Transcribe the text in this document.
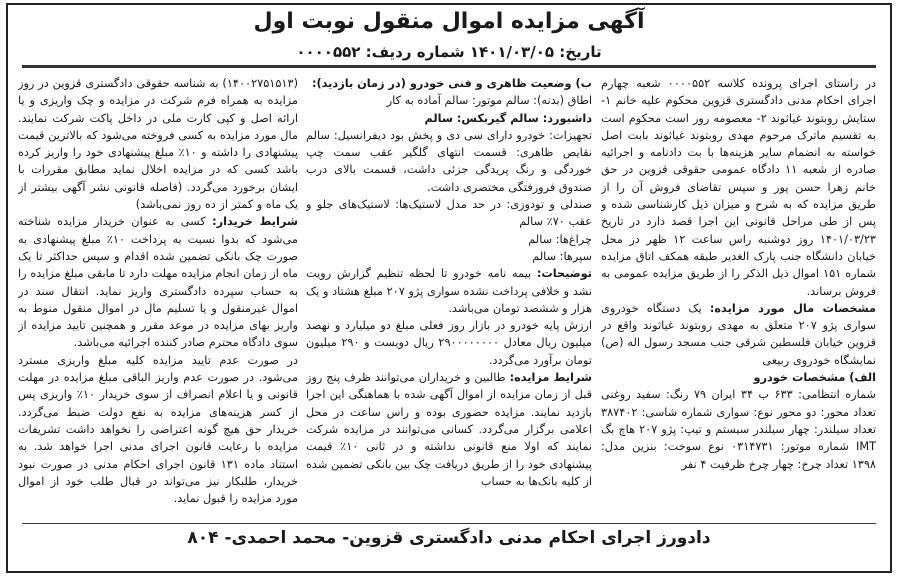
آگهی مزایده اموال منقول نوبت اول
تاریخ: ۱۴۰۱/۰۳/۰۵ شماره ردیف: ۰۰۰۰۵۵۲

در راستای اجرای پرونده کلاسه ۰۰۰۰۵۵۲ شعبه چهارم اجرای احکام مدنی دادگستری قزوین محکوم علیه خانم ۱- ستایش روبتوند غیاثوند ۲- معصومه رور است محکوم است به تقسیم ماترک مرحوم مهدی روبتوند غیاثوند بابت اصل خواسته به انضمام سایر هزینه‌ها با بت دادنامه و اجرائیه صادره از شعبه ۱۱ دادگاه عمومی حقوقی قزوین در حق خانم زهرا حسن پور و سپس تقاضای فروش آن را از طریق مزایده که به شرح و میزان ذیل کارشناسی شده و پس از طی مراحل قانونی این اجرا قصد دارد در تاریخ ۱۴۰۱/۰۳/۲۳ روز دوشنبه راس ساعت ۱۲ ظهر در محل خیابان دانشگاه جنب پارک الغدیر طبقه همکف اتاق مزایده شماره ۱۵۱ اموال ذیل الذکر را از طریق مزایده عمومی به فروش برساند.

مشخصات مال مورد مزایده: یک دستگاه خودروی سواری پژو ۲۰۷ متعلق به مهدی روبتوند غیاثوند واقع در قزوین خیابان فلسطین شرقی جنب مسجد رسول اله (ص) نمایشگاه خودروی ربیعی

الف) مشخصات خودرو

شماره انتظامی: ۶۳۳ ب ۳۴ ایران ۷۹ رنگ: سفید روغنی تعداد محور: دو محور نوع: سواری شماره شاسی: ۳۸۷۴۰۲ تعداد سیلندر: چهار سیلندر سیستم و تیپ: پژو ۲۰۷ هاچ بگ IMT شماره موتور: ۰۳۱۴۷۳۱ نوع سوخت: بنزین مدل: ۱۳۹۸ تعداد چرخ: چهار چرخ ظرفیت ۴ نفر

ب) وضعیت ظاهری و فنی خودرو (در زمان بازدید):

اطاق (بدنه): سالم موتور: سالم آماده به کار

داشبورد: سالم گیربکس: سالم

تجهیزات: خودرو دارای سی دی و پخش بود دیفرانسیل: سالم نقایص ظاهری: قسمت انتهای گلگیر عقب سمت چپ خوردگی و رنگ پریدگی جزئی داشت، قسمت بالای درب صندوق فرورفتگی مختصری داشت.

صندلی و تودوزی: در حد مدل لاستیک‌ها: لاستیک‌های جلو و عقب ۷۰٪ سالم

چراغ‌ها: سالم

سپرها: سالم

توضیحات: بیمه نامه خودرو تا لحظه تنظیم گزارش رویت نشد و خلافی پرداخت نشده سواری پژو ۲۰۷ مبلغ هشتاد و یک هزار و ششصد تومان می‌باشد.

ارزش پایه خودرو در بازار روز فعلی مبلغ دو میلیارد و نهصد میلیون ریال معادل ۲۹۰۰۰۰۰۰۰۰ ریال دویست و ۲۹۰ میلیون تومان برآورد می‌گردد.

شرایط مزایده: طالبین و خریداران می‌توانند ظرف پنج روز قبل از زمان مزایده از اموال آگهی شده با هماهنگی این اجرا بازدید نمایند. مزایده حضوری بوده و راس ساعت در محل اعلامی برگزار می‌گردد. کسانی می‌توانند در مزایده شرکت نمایند که اولا منع قانونی نداشته و در ثانی ۱۰٪ قیمت پیشنهادی خود را از طریق دریافت چک بین بانکی تضمین شده از کلیه بانک‌ها به حساب

(۱۴۰۰۲۷۵۱۵۱۳) به شناسه حقوقی دادگستری قزوین در روز مزایده به همراه فرم شرکت در مزایده و چک واریزی و یا ارائه اصل و کپی کارت ملی در داخل پاکت شرکت نمایند. مال مورد مزایده به کسی فروخته می‌شود که بالاترین قیمت پیشنهادی را داشته و ۱۰٪ مبلغ پیشنهادی خود را واریز کرده باشد کسی که در مزایده اخلال نماید مطابق مقررات با ایشان برخورد می‌گردد. (فاصله قانونی نشر آگهی بیشتر از یک ماه و کمتر از ده روز نمی‌باشد)

شرایط خریدار: کسی به عنوان خریدار مزایده شناخته می‌شود که بدوا نسبت به پرداخت ۱۰٪ مبلغ پیشنهادی به صورت چک بانکی تضمین شده اقدام و سپس حداکثر تا یک ماه از زمان انجام مزایده مهلت دارد تا مابقی مبلغ مزایده را به حساب سپرده دادگستری واریز نماید. انتقال سند در اموال غیرمنقول و یا تسلیم مال در اموال منقول منوط به واریز بهای مزایده در موعد مقرر و همچنین تایید مزایده از سوی دادگاه محترم صادر کننده اجرائیه می‌باشد.

در صورت عدم تایید مزایده کلیه مبلغ واریزی مسترد می‌شود. در صورت عدم واریز الباقی مبلغ مزایده در مهلت قانونی و یا اعلام انصراف از سوی خریدار ۱۰٪ واریزی پس از کسر هزینه‌های مزایده به نفع دولت ضبط می‌گردد. خریدار حق هیچ گونه اعتراضی را نخواهد داشت تشریفات مزایده با رعایت قانون اجرای مدنی اجرا خواهد شد. به استناد ماده ۱۳۱ قانون اجرای احکام مدنی در صورت نبود خریدار، طلبکار نیز می‌تواند در قبال طلب خود از اموال مورد مزایده را قبول نماید.

دادورز اجرای احکام مدنی دادگستری قزوین- محمد احمدی- ۸۰۴
